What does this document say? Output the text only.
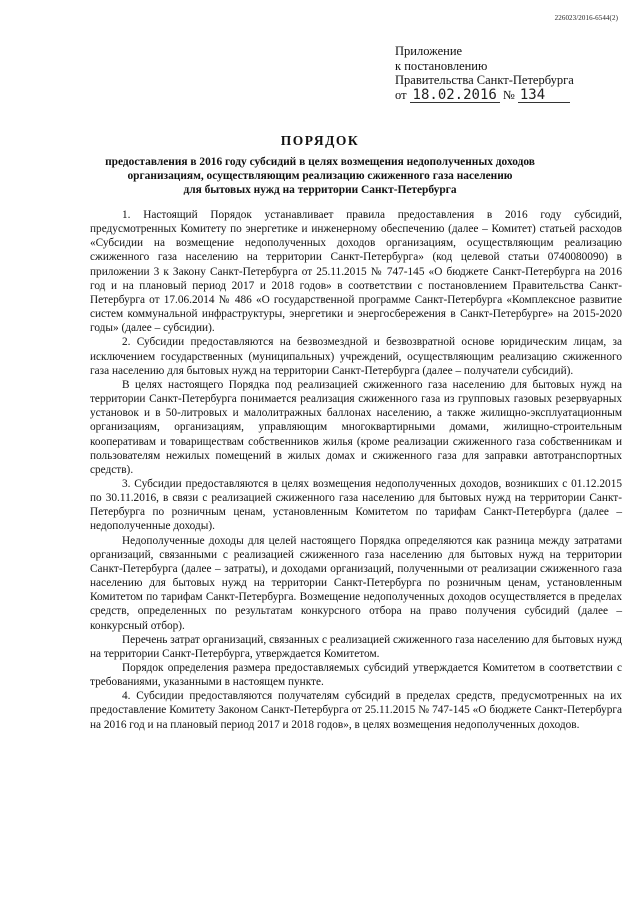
226023/2016-6544(2)
Приложение
к постановлению
Правительства Санкт-Петербурга
от 18.02.2016 № 134
ПОРЯДОК
предоставления в 2016 году субсидий в целях возмещения недополученных доходов
организациям, осуществляющим реализацию сжиженного газа населению
для бытовых нужд на территории Санкт-Петербурга

1. Настоящий Порядок устанавливает правила предоставления в 2016 году субсидий, предусмотренных Комитету по энергетике и инженерному обеспечению (далее – Комитет) статьей расходов «Субсидии на возмещение недополученных доходов организациям, осуществляющим реализацию сжиженного газа населению на территории Санкт-Петербурга» (код целевой статьи 0740080090) в приложении 3 к Закону Санкт-Петербурга от 25.11.2015 № 747-145 «О бюджете Санкт-Петербурга на 2016 год и на плановый период 2017 и 2018 годов» в соответствии с постановлением Правительства Санкт-Петербурга от 17.06.2014 № 486 «О государственной программе Санкт-Петербурга «Комплексное развитие систем коммунальной инфраструктуры, энергетики и энергосбережения в Санкт-Петербурге» на 2015-2020 годы» (далее – субсидии).

2. Субсидии предоставляются на безвозмездной и безвозвратной основе юридическим лицам, за исключением государственных (муниципальных) учреждений, осуществляющим реализацию сжиженного газа населению для бытовых нужд на территории Санкт-Петербурга (далее – получатели субсидий).

В целях настоящего Порядка под реализацией сжиженного газа населению для бытовых нужд на территории Санкт-Петербурга понимается реализация сжиженного газа из групповых газовых резервуарных установок и в 50-литровых и малолитражных баллонах населению, а также жилищно-эксплуатационным организациям, организациям, управляющим многоквартирными домами, жилищно-строительным кооперативам и товариществам собственников жилья (кроме реализации сжиженного газа собственникам и пользователям нежилых помещений в жилых домах и сжиженного газа для заправки автотранспортных средств).

3. Субсидии предоставляются в целях возмещения недополученных доходов, возникших с 01.12.2015 по 30.11.2016, в связи с реализацией сжиженного газа населению для бытовых нужд на территории Санкт-Петербурга по розничным ценам, установленным Комитетом по тарифам Санкт-Петербурга (далее – недополученные доходы).

Недополученные доходы для целей настоящего Порядка определяются как разница между затратами организаций, связанными с реализацией сжиженного газа населению для бытовых нужд на территории Санкт-Петербурга (далее – затраты), и доходами организаций, полученными от реализации сжиженного газа населению для бытовых нужд на территории Санкт-Петербурга по розничным ценам, установленным Комитетом по тарифам Санкт-Петербурга. Возмещение недополученных доходов осуществляется в пределах средств, определенных по результатам конкурсного отбора на право получения субсидий (далее – конкурсный отбор).

Перечень затрат организаций, связанных с реализацией сжиженного газа населению для бытовых нужд на территории Санкт-Петербурга, утверждается Комитетом.

Порядок определения размера предоставляемых субсидий утверждается Комитетом в соответствии с требованиями, указанными в настоящем пункте.

4. Субсидии предоставляются получателям субсидий в пределах средств, предусмотренных на их предоставление Комитету Законом Санкт-Петербурга от 25.11.2015 № 747-145 «О бюджете Санкт-Петербурга на 2016 год и на плановый период 2017 и 2018 годов», в целях возмещения недополученных доходов.
